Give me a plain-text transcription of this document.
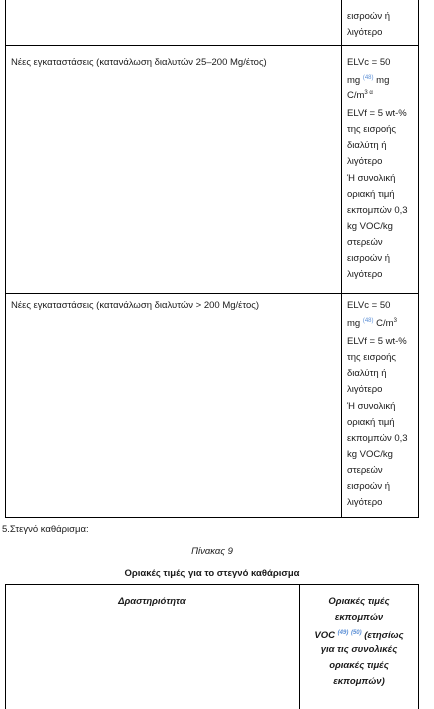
εισροών ή
λιγότερο
Νέες εγκαταστάσεις (κατανάλωση διαλυτών 25–200 Mg/έτος)	ELVc = 50
mg $^{(48)}$ mg
$C/m^{3 \alpha}$
ELVf = 5 wt-%
της εισροής
διαλύτη ή
λιγότερο
Ή συνολική
οριακή τιμή
εκπομπών 0,3
kg VOC/kg
στερεών
εισροών ή
λιγότερο
Νέες εγκαταστάσεις (κατανάλωση διαλυτών > 200 Mg/έτος)	ELVc = 50
mg $^{(48)}$ $C/m^3$
ELVf = 5 wt-%
της εισροής
διαλύτη ή
λιγότερο
Ή συνολική
οριακή τιμή
εκπομπών 0,3
kg VOC/kg
στερεών
εισροών ή
λιγότερο
5.Στεγνό καθάρισμα:
Πίνακας 9
Οριακές τιμές για το στεγνό καθάρισμα
Δραστηριότητα	Οριακές τιμές
εκπομπών
VOC $^{(49)}$ $^{(50)}$ (ετησίως
για τις συνολικές
οριακές τιμές
εκπομπών)
